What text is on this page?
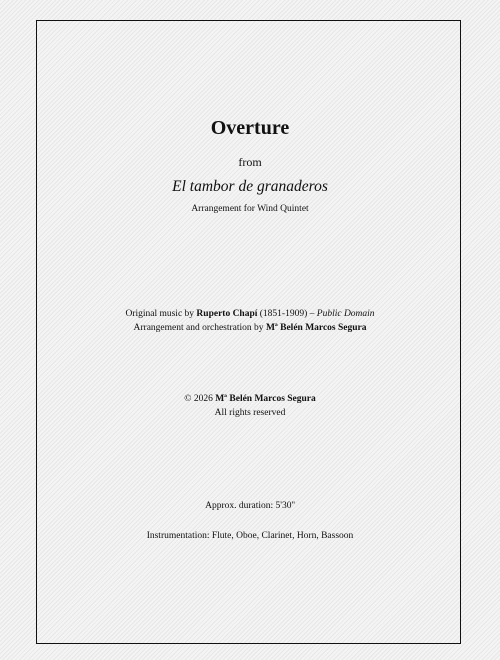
Overture
from
El tambor de granaderos
Arrangement for Wind Quintet
Original music by Ruperto Chapí (1851-1909) – Public Domain
Arrangement and orchestration by Mª Belén Marcos Segura
© 2026 Mª Belén Marcos Segura
All rights reserved
Approx. duration: 5'30''
Instrumentation: Flute, Oboe, Clarinet, Horn, Bassoon
